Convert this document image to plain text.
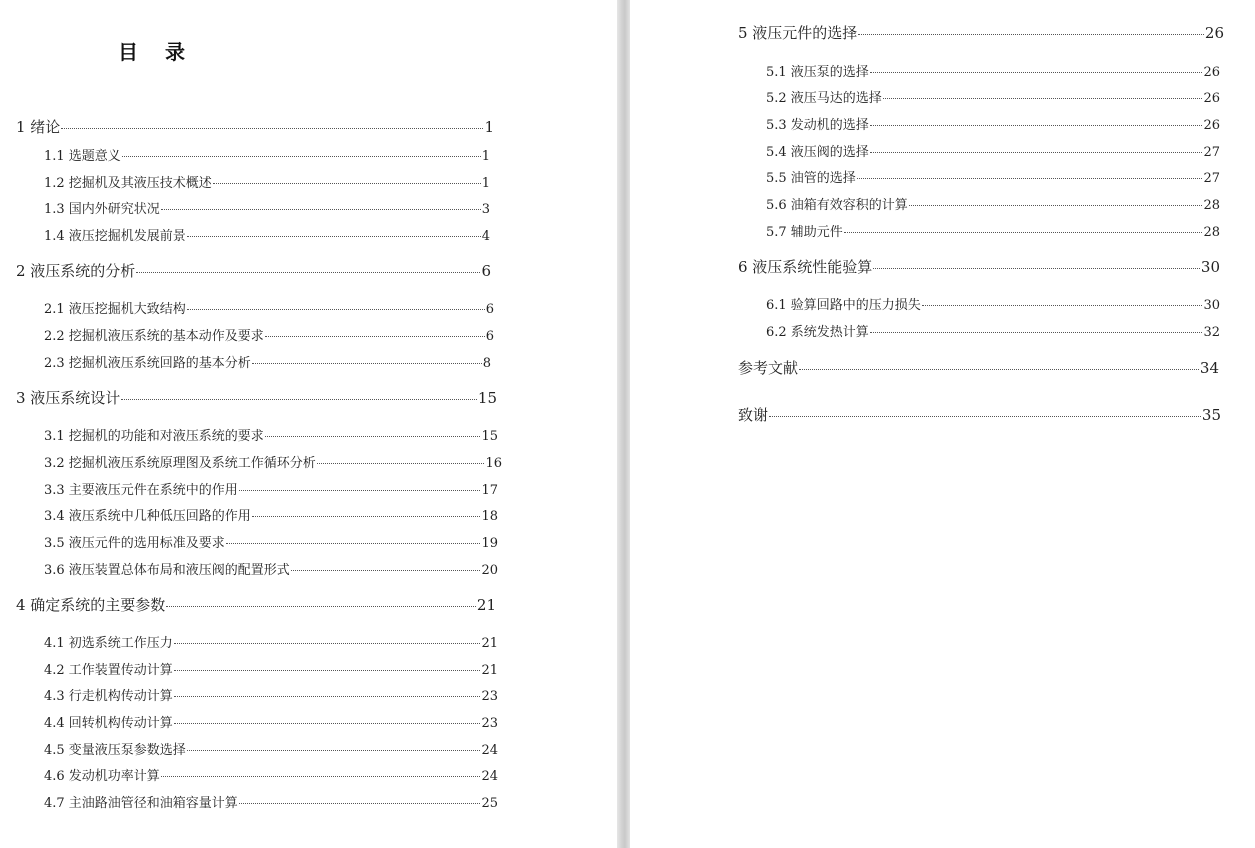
目 录
1 绪论	1
1.1 选题意义	1
1.2 挖掘机及其液压技术概述	1
1.3 国内外研究状况	3
1.4 液压挖掘机发展前景	4
2 液压系统的分析	6
2.1 液压挖掘机大致结构	6
2.2 挖掘机液压系统的基本动作及要求	6
2.3 挖掘机液压系统回路的基本分析	8
3 液压系统设计	15
3.1 挖掘机的功能和对液压系统的要求	15
3.2 挖掘机液压系统原理图及系统工作循环分析	16
3.3 主要液压元件在系统中的作用	17
3.4 液压系统中几种低压回路的作用	18
3.5 液压元件的选用标准及要求	19
3.6 液压装置总体布局和液压阀的配置形式	20
4 确定系统的主要参数	21
4.1 初选系统工作压力	21
4.2 工作装置传动计算	21
4.3 行走机构传动计算	23
4.4 回转机构传动计算	23
4.5 变量液压泵参数选择	24
4.6 发动机功率计算	24
4.7 主油路油管径和油箱容量计算	25
5 液压元件的选择	26
5.1 液压泵的选择	26
5.2 液压马达的选择	26
5.3 发动机的选择	26
5.4 液压阀的选择	27
5.5 油管的选择	27
5.6 油箱有效容积的计算	28
5.7 辅助元件	28
6 液压系统性能验算	30
6.1 验算回路中的压力损失	30
6.2 系统发热计算	32
参考文献	34
致谢	35
